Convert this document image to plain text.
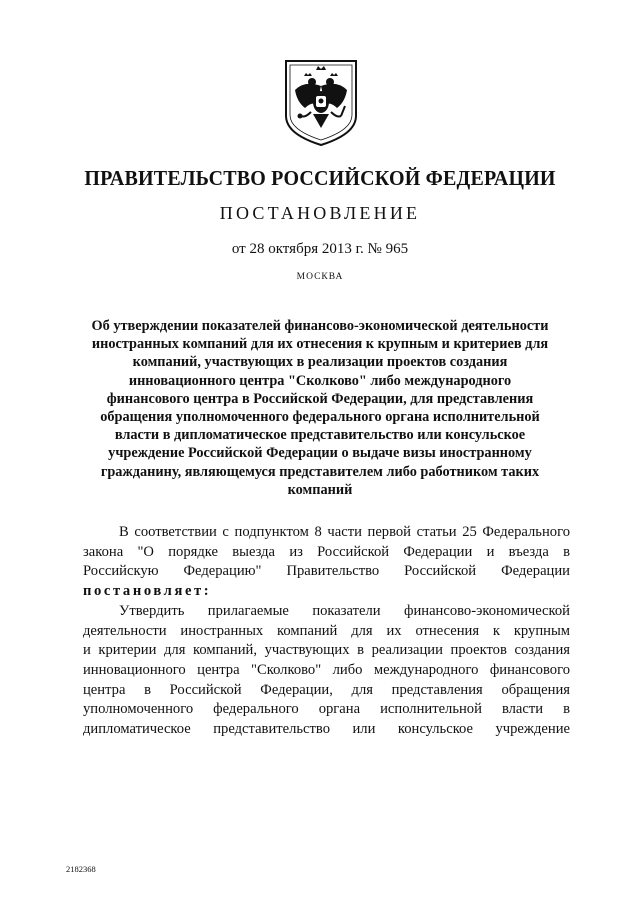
ПРАВИТЕЛЬСТВО РОССИЙСКОЙ ФЕДЕРАЦИИ
ПОСТАНОВЛЕНИЕ
от 28 октября 2013 г. № 965
МОСКВА
Об утверждении показателей финансово-экономической деятельности
иностранных компаний для их отнесения к крупным и критериев для
компаний, участвующих в реализации проектов создания
инновационного центра "Сколково" либо международного
финансового центра в Российской Федерации, для представления
обращения уполномоченного федерального органа исполнительной
власти в дипломатическое представительство или консульское
учреждение Российской Федерации о выдаче визы иностранному
гражданину, являющемуся представителем либо работником таких
компаний
В соответствии с подпунктом 8 части первой статьи 25 Федерального
закона "О порядке выезда из Российской Федерации и въезда в
Российскую Федерацию" Правительство Российской Федерации
постановляет:
Утвердить прилагаемые показатели финансово-экономической
деятельности иностранных компаний для их отнесения к крупным
и критерии для компаний, участвующих в реализации проектов создания
инновационного центра "Сколково" либо международного финансового
центра в Российской Федерации, для представления обращения
уполномоченного федерального органа исполнительной власти в
дипломатическое представительство или консульское учреждение
2182368
